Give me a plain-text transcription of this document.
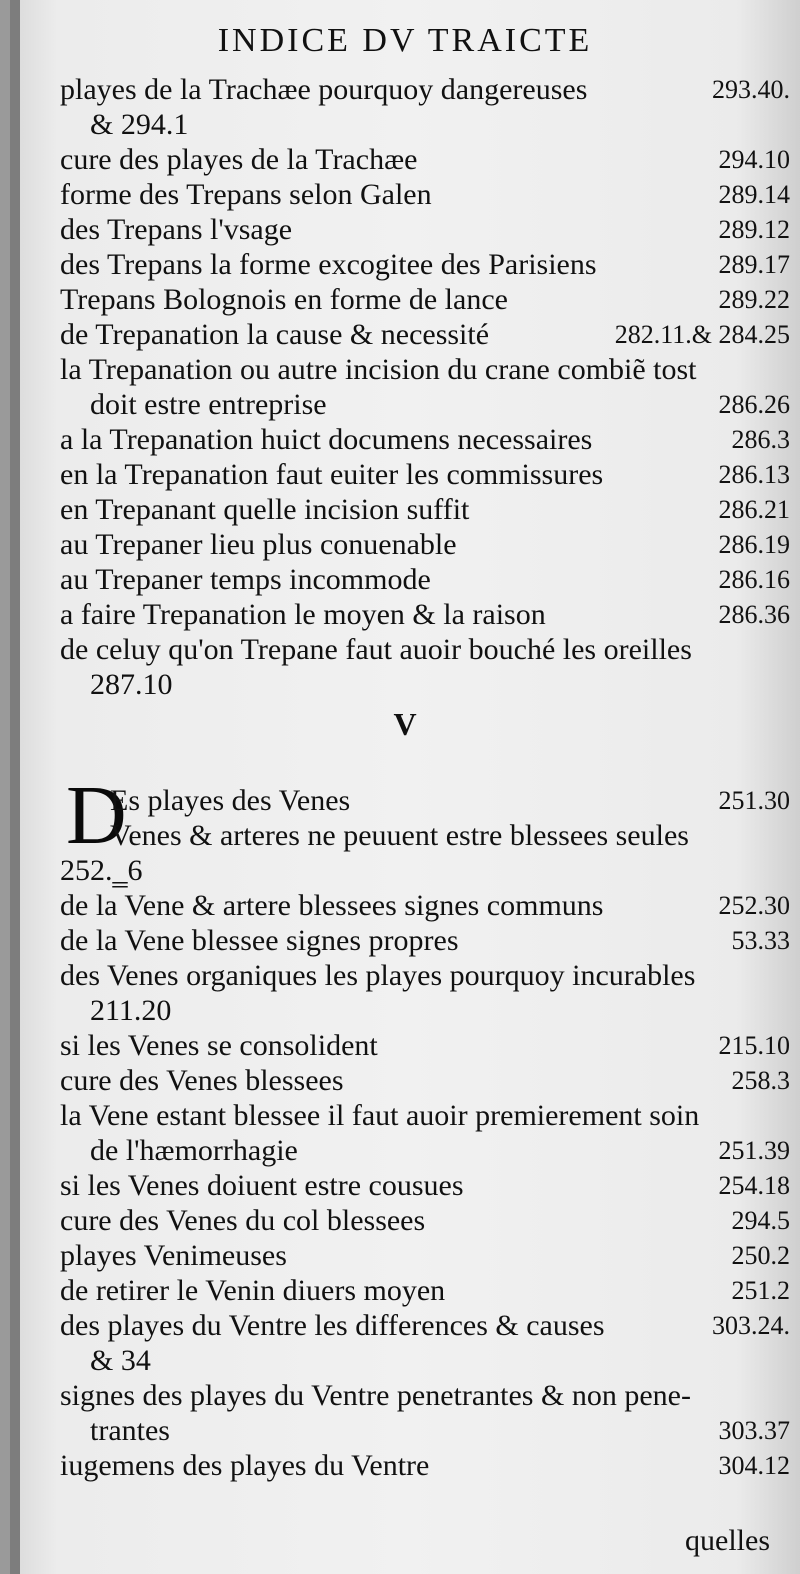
INDICE DV TRAICTE
playes de la Trachæe pourquoy dangereuses	293.40.
& 294.1
cure des playes de la Trachæe	294.10
forme des Trepans selon Galen	289.14
des Trepans l'vsage	289.12
des Trepans la forme excogitee des Parisiens	289.17
Trepans Bolognois en forme de lance	289.22
de Trepanation la cause & necessité	282.11.& 284.25
la Trepanation ou autre incision du crane combiẽ tost
doit estre entreprise	286.26
a la Trepanation huict documens necessaires	286.3
en la Trepanation faut euiter les commissures	286.13
en Trepanant quelle incision suffit	286.21
au Trepaner lieu plus conuenable	286.19
au Trepaner temps incommode	286.16
a faire Trepanation le moyen & la raison	286.36
de celuy qu'on Trepane faut auoir bouché les oreilles
287.10
V
D
Es playes des Venes	251.30
Venes & arteres ne peuuent estre blessees seules
252.‗6
de la Vene & artere blessees signes communs	252.30
de la Vene blessee signes propres	53.33
des Venes organiques les playes pourquoy incurables
211.20
si les Venes se consolident	215.10
cure des Venes blessees	258.3
la Vene estant blessee il faut auoir premierement soin
de l'hæmorrhagie	251.39
si les Venes doiuent estre cousues	254.18
cure des Venes du col blessees	294.5
playes Venimeuses	250.2
de retirer le Venin diuers moyen	251.2
des playes du Ventre les differences & causes	303.24.
& 34
signes des playes du Ventre penetrantes & non pene-
trantes	303.37
iugemens des playes du Ventre	304.12
quelles
